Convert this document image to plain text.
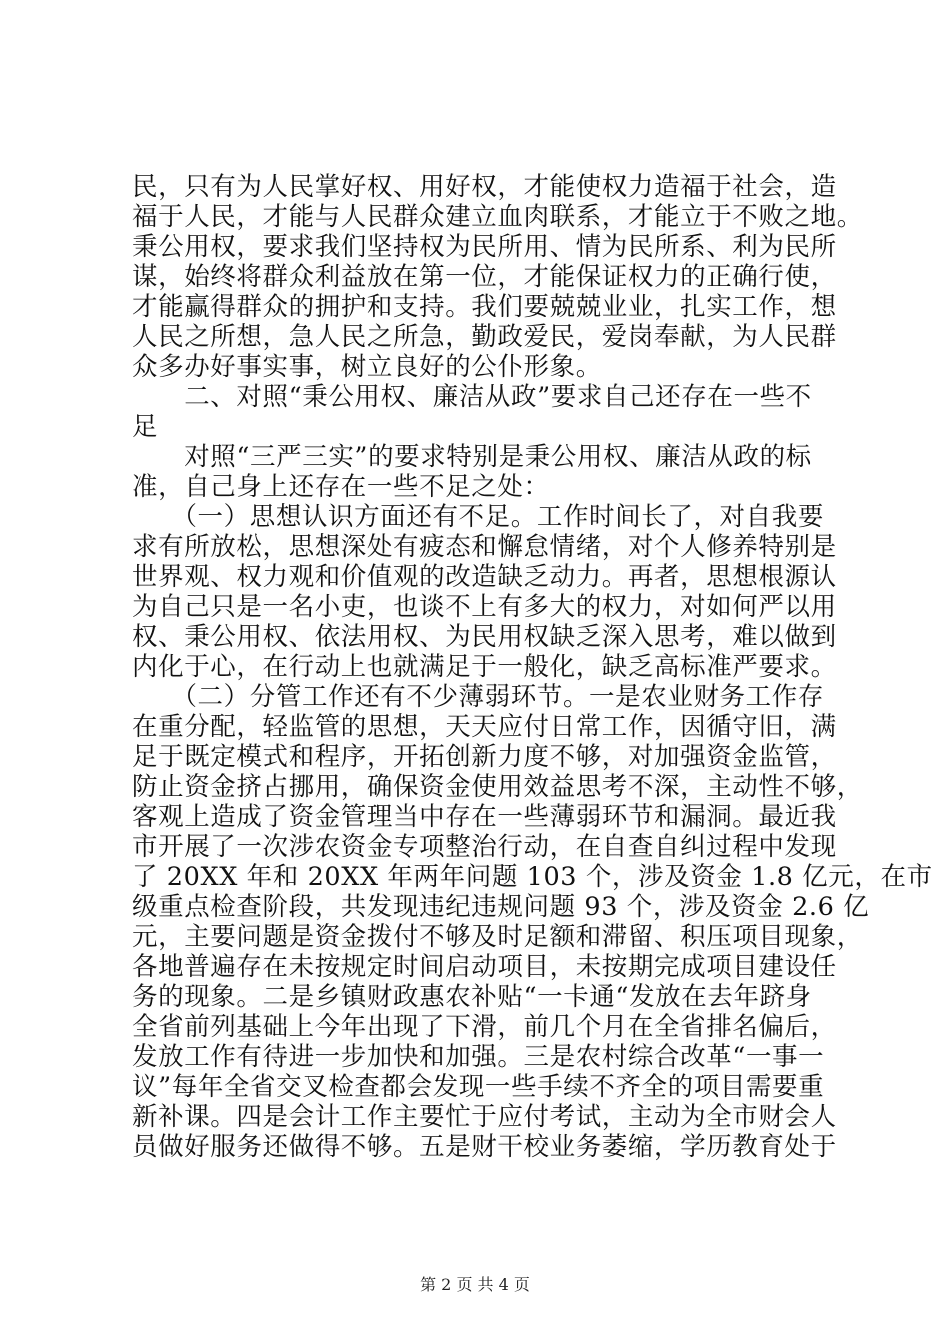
民，只有为人民掌好权、用好权，才能使权力造福于社会，造
福于人民，才能与人民群众建立血肉联系，才能立于不败之地。
秉公用权，要求我们坚持权为民所用、情为民所系、利为民所
谋，始终将群众利益放在第一位，才能保证权力的正确行使，
才能赢得群众的拥护和支持。我们要兢兢业业，扎实工作，想
人民之所想，急人民之所急，勤政爱民，爱岗奉献，为人民群
众多办好事实事，树立良好的公仆形象。
　　二、对照“秉公用权、廉洁从政”要求自己还存在一些不
足
　　对照“三严三实”的要求特别是秉公用权、廉洁从政的标
准，自己身上还存在一些不足之处：
　　（一）思想认识方面还有不足。工作时间长了，对自我要
求有所放松，思想深处有疲态和懈怠情绪，对个人修养特别是
世界观、权力观和价值观的改造缺乏动力。再者，思想根源认
为自己只是一名小吏，也谈不上有多大的权力，对如何严以用
权、秉公用权、依法用权、为民用权缺乏深入思考，难以做到
内化于心，在行动上也就满足于一般化，缺乏高标准严要求。
　　（二）分管工作还有不少薄弱环节。一是农业财务工作存
在重分配，轻监管的思想，天天应付日常工作，因循守旧，满
足于既定模式和程序，开拓创新力度不够，对加强资金监管，
防止资金挤占挪用，确保资金使用效益思考不深，主动性不够，
客观上造成了资金管理当中存在一些薄弱环节和漏洞。最近我
市开展了一次涉农资金专项整治行动，在自查自纠过程中发现
了 20XX 年和 20XX 年两年问题 103 个，涉及资金 1.8 亿元，在市
级重点检查阶段，共发现违纪违规问题 93 个，涉及资金 2.6 亿
元，主要问题是资金拨付不够及时足额和滞留、积压项目现象，
各地普遍存在未按规定时间启动项目，未按期完成项目建设任
务的现象。二是乡镇财政惠农补贴“一卡通“发放在去年跻身
全省前列基础上今年出现了下滑，前几个月在全省排名偏后，
发放工作有待进一步加快和加强。三是农村综合改革“一事一
议”每年全省交叉检查都会发现一些手续不齐全的项目需要重
新补课。四是会计工作主要忙于应付考试，主动为全市财会人
员做好服务还做得不够。五是财干校业务萎缩，学历教育处于
第 2 页 共 4 页
